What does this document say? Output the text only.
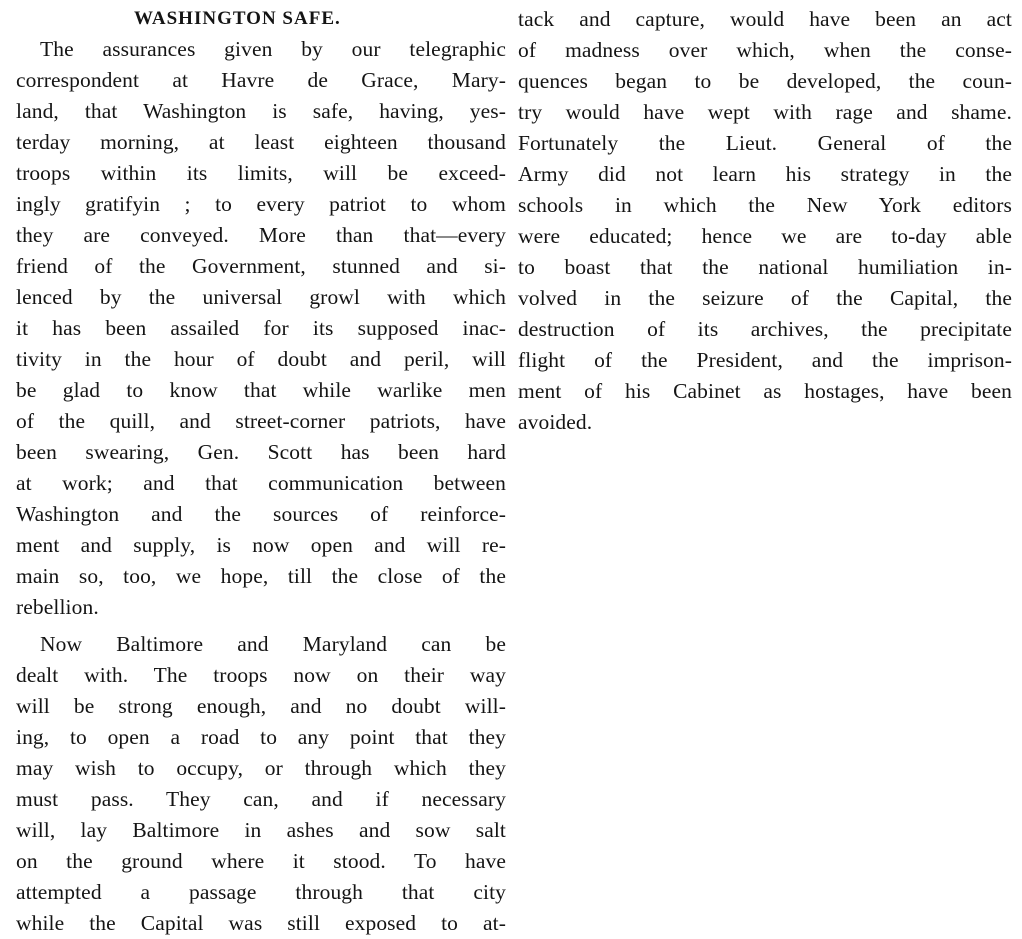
WASHINGTON SAFE.
The assurances given by our telegraphic
correspondent at Havre de Grace, Mary-
land, that Washington is safe, having, yes-
terday morning, at least eighteen thousand
troops within its limits, will be exceed-
ingly gratifyin ; to every patriot to whom
they are conveyed. More than that—every
friend of the Government, stunned and si-
lenced by the universal growl with which
it has been assailed for its supposed inac-
tivity in the hour of doubt and peril, will
be glad to know that while warlike men
of the quill, and street-corner patriots, have
been swearing, Gen. Scott has been hard
at work; and that communication between
Washington and the sources of reinforce-
ment and supply, is now open and will re-
main so, too, we hope, till the close of the
rebellion.
Now Baltimore and Maryland can be
dealt with. The troops now on their way
will be strong enough, and no doubt will-
ing, to open a road to any point that they
may wish to occupy, or through which they
must pass. They can, and if necessary
will, lay Baltimore in ashes and sow salt
on the ground where it stood. To have
attempted a passage through that city
while the Capital was still exposed to at-
tack and capture, would have been an act
of madness over which, when the conse-
quences began to be developed, the coun-
try would have wept with rage and shame.
Fortunately the Lieut. General of the
Army did not learn his strategy in the
schools in which the New York editors
were educated; hence we are to-day able
to boast that the national humiliation in-
volved in the seizure of the Capital, the
destruction of its archives, the precipitate
flight of the President, and the imprison-
ment of his Cabinet as hostages, have been
avoided.
